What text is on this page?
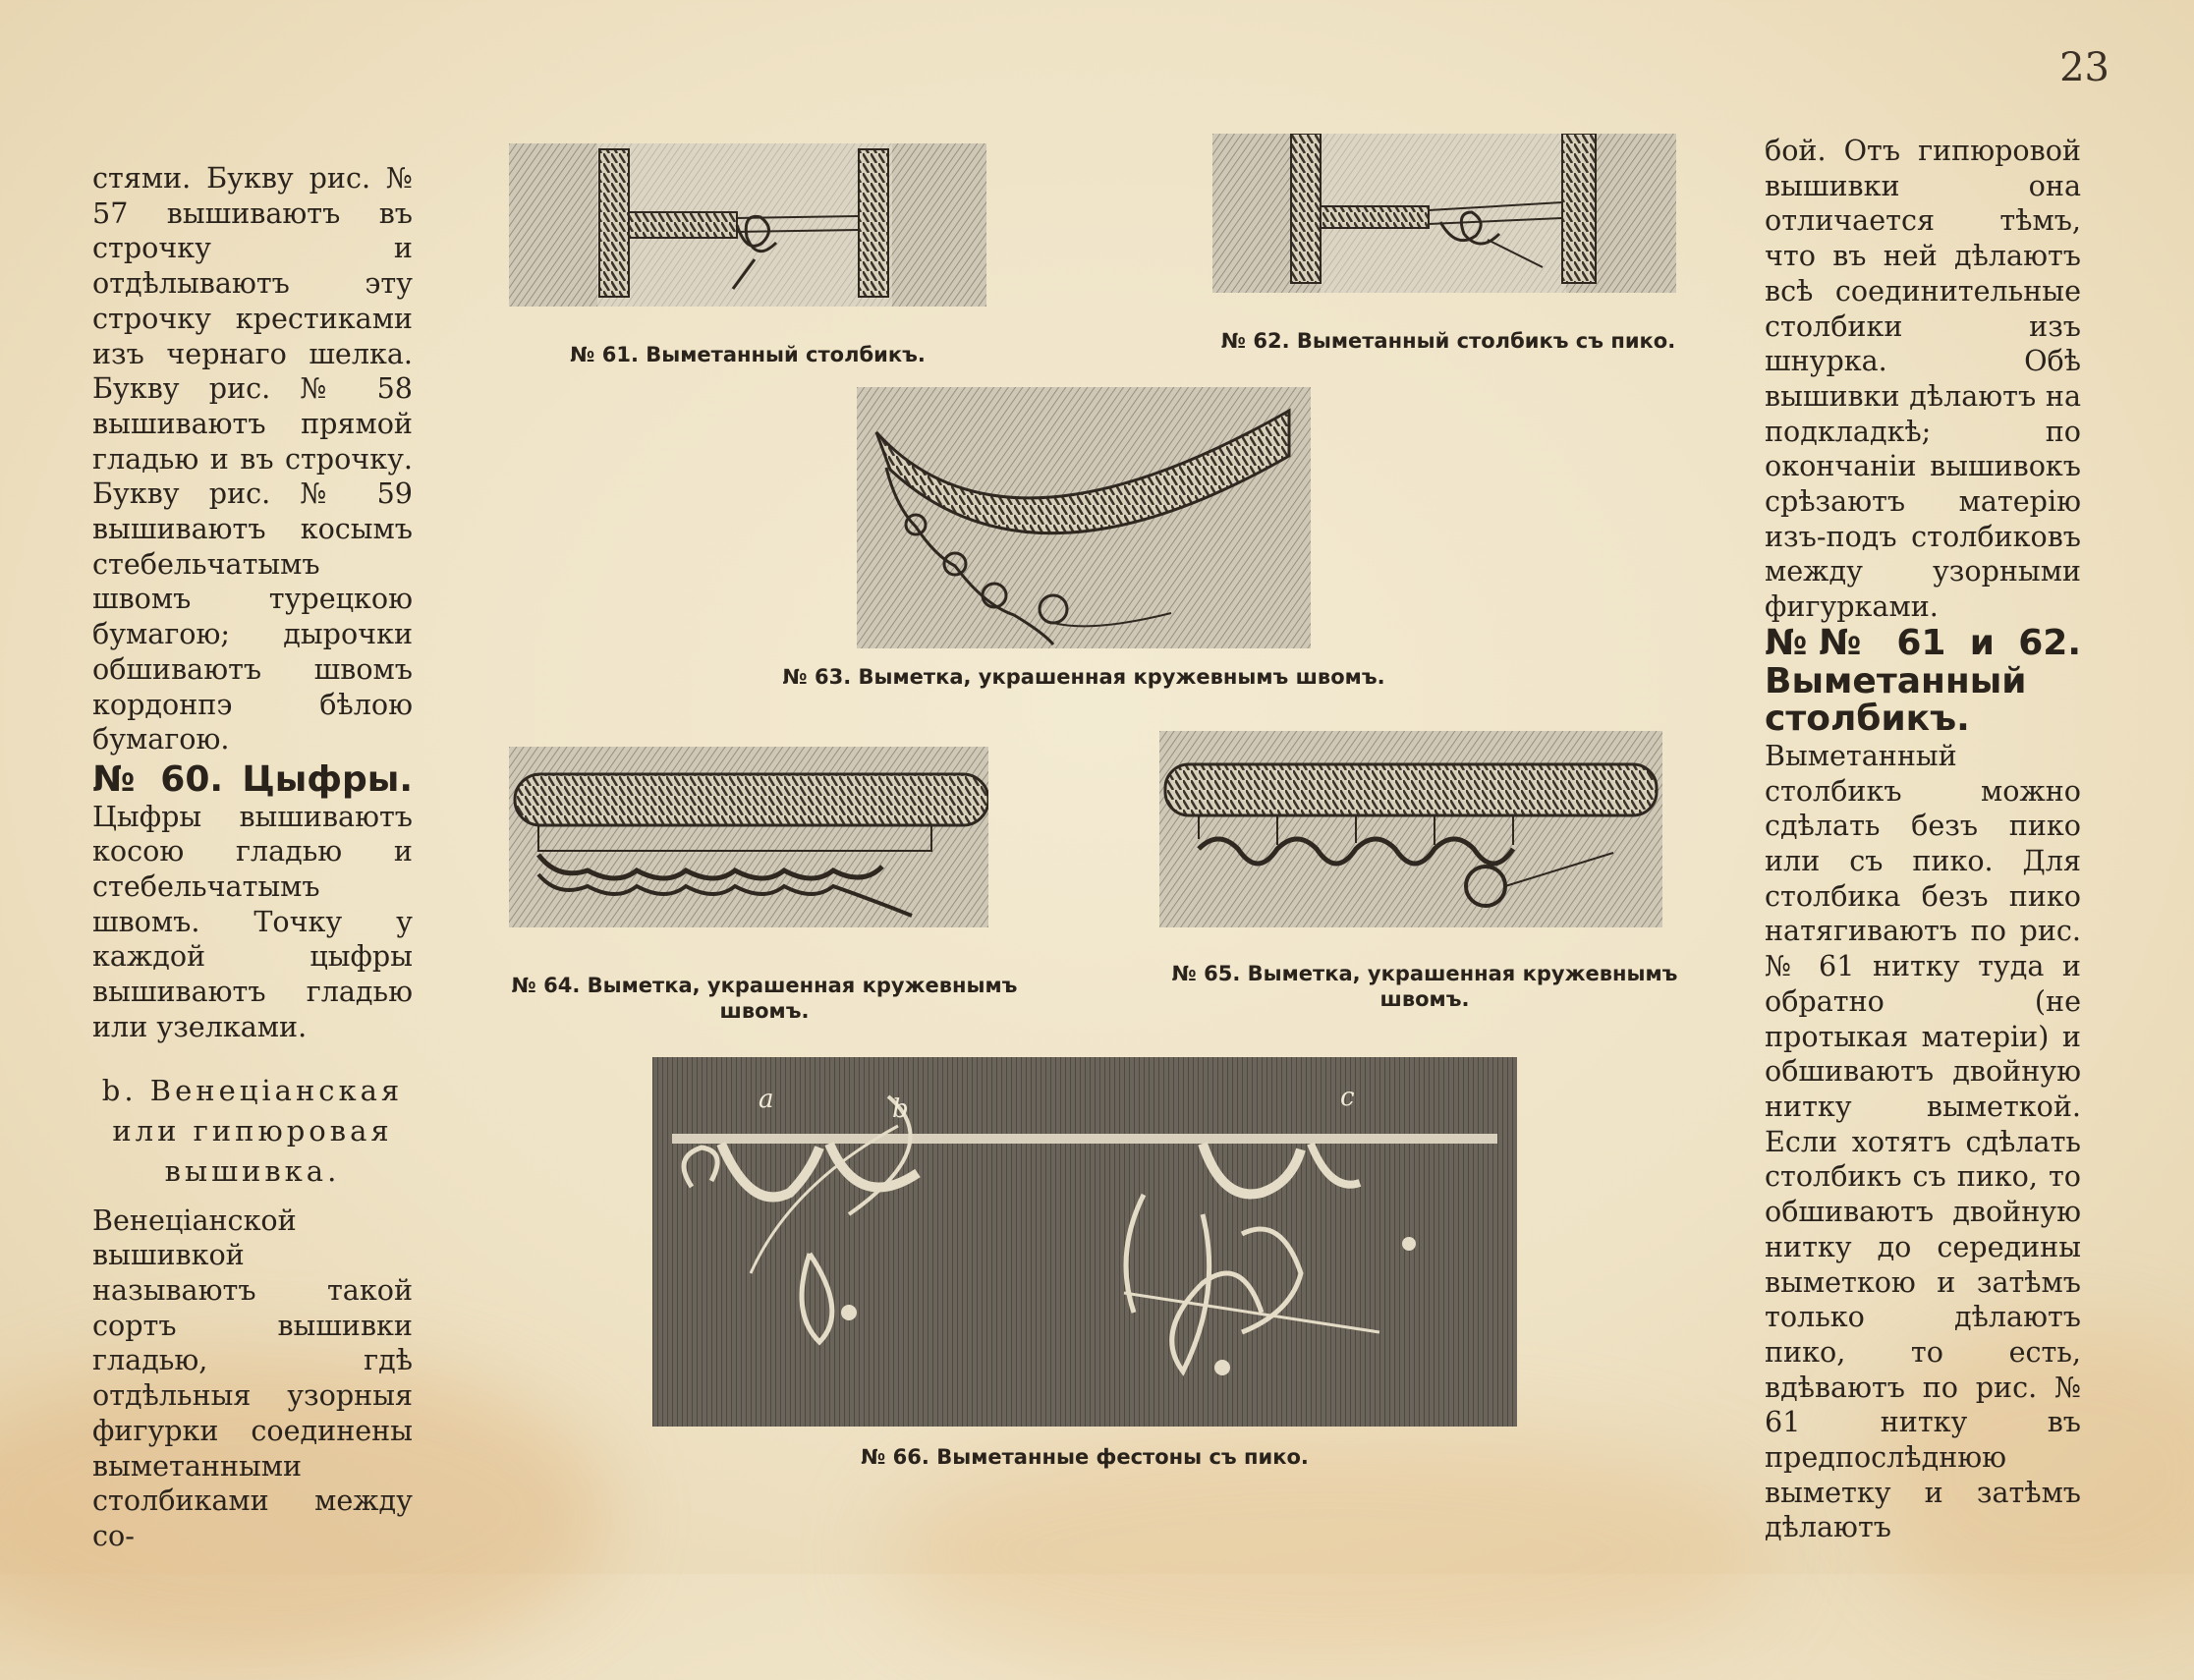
23

стями. Букву рис. № 57 вышиваютъ въ строчку и отдѣлываютъ эту строчку крестиками изъ чернаго шелка. Букву рис. № 58 вышиваютъ прямой гладью и въ строчку. Букву рис. № 59 вышиваютъ косымъ стебельчатымъ швомъ турецкою бумагою; дырочки обшиваютъ швомъ кордонпэ бѣлою бумагою.

№ 60. Цыфры. Цыфры вышиваютъ косою гладью и стебельчатымъ швомъ. Точку у каждой цыфры вышиваютъ гладью или узелками.

b. Венеціанская или гипюровая вышивка.

Венеціанской вышивкой называютъ такой сортъ вышивки гладью, гдѣ отдѣльныя узорныя фигурки соединены выметанными столбиками между со-

бой. Отъ гипюровой вышивки она отличается тѣмъ, что въ ней дѣлаютъ всѣ соединительные столбики изъ шнурка. Обѣ вышивки дѣлаютъ на подкладкѣ; по окончаніи вышивокъ срѣзаютъ матерію изъ-подъ столбиковъ между узорными фигурками.

№№ 61 и 62. Выметанный столбикъ. Выметанный столбикъ можно сдѣлать безъ пико или съ пико. Для столбика безъ пико натягиваютъ по рис. № 61 нитку туда и обратно (не протыкая матеріи) и обшиваютъ двойную нитку выметкой. Если хотятъ сдѣлать столбикъ съ пико, то обшиваютъ двойную нитку до середины выметкою и затѣмъ только дѣлаютъ пико, то есть, вдѣваютъ по рис. № 61 нитку въ предпослѣднюю выметку и затѣмъ дѣлаютъ

№ 61. Выметанный столбикъ.
№ 62. Выметанный столбикъ съ пико.
№ 63. Выметка, украшенная кружевнымъ швомъ.
№ 64. Выметка, украшенная кружевнымъ швомъ.
№ 65. Выметка, украшенная кружевнымъ швомъ.
a	b	c
№ 66. Выметанные фестоны съ пико.
